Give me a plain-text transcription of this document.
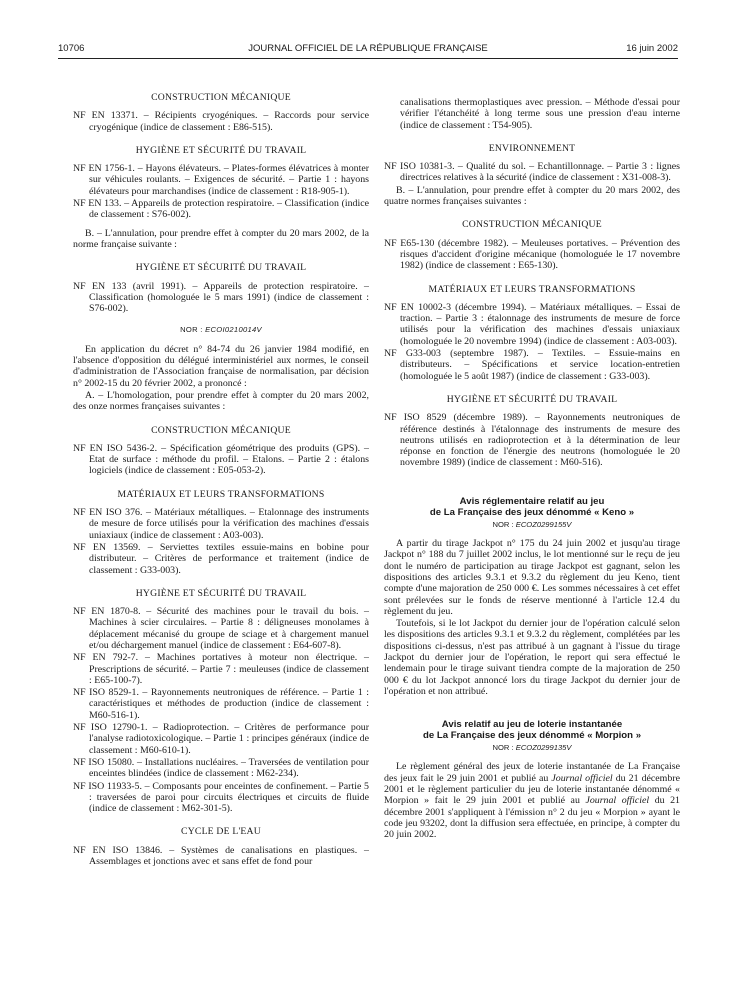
10706	JOURNAL OFFICIEL DE LA RÉPUBLIQUE FRANÇAISE	16 juin 2002
CONSTRUCTION MÉCANIQUE
NF EN 13371. – Récipients cryogéniques. – Raccords pour service cryogénique (indice de classement : E86-515).
HYGIÈNE ET SÉCURITÉ DU TRAVAIL
NF EN 1756-1. – Hayons élévateurs. – Plates-formes élévatrices à monter sur véhicules roulants. – Exigences de sécurité. – Partie 1 : hayons élévateurs pour marchandises (indice de classement : R18-905-1).
NF EN 133. – Appareils de protection respiratoire. – Classification (indice de classement : S76-002).
B. – L'annulation, pour prendre effet à compter du 20 mars 2002, de la norme française suivante :
HYGIÈNE ET SÉCURITÉ DU TRAVAIL
NF EN 133 (avril 1991). – Appareils de protection respiratoire. – Classification (homologuée le 5 mars 1991) (indice de classement : S76-002).
NOR : ECOI0210014V
En application du décret n° 84-74 du 26 janvier 1984 modifié, en l'absence d'opposition du délégué interministériel aux normes, le conseil d'administration de l'Association française de normalisation, par décision n° 2002-15 du 20 février 2002, a prononcé :
A. – L'homologation, pour prendre effet à compter du 20 mars 2002, des onze normes françaises suivantes :
CONSTRUCTION MÉCANIQUE
NF EN ISO 5436-2. – Spécification géométrique des produits (GPS). – Etat de surface : méthode du profil. – Etalons. – Partie 2 : étalons logiciels (indice de classement : E05-053-2).
MATÉRIAUX ET LEURS TRANSFORMATIONS
NF EN ISO 376. – Matériaux métalliques. – Etalonnage des instruments de mesure de force utilisés pour la vérification des machines d'essais uniaxiaux (indice de classement : A03-003).
NF EN 13569. – Serviettes textiles essuie-mains en bobine pour distributeur. – Critères de performance et traitement (indice de classement : G33-003).
HYGIÈNE ET SÉCURITÉ DU TRAVAIL
NF EN 1870-8. – Sécurité des machines pour le travail du bois. – Machines à scier circulaires. – Partie 8 : déligneuses monolames à déplacement mécanisé du groupe de sciage et à chargement manuel et/ou déchargement manuel (indice de classement : E64-607-8).
NF EN 792-7. – Machines portatives à moteur non électrique. – Prescriptions de sécurité. – Partie 7 : meuleuses (indice de classement : E65-100-7).
NF ISO 8529-1. – Rayonnements neutroniques de référence. – Partie 1 : caractéristiques et méthodes de production (indice de classement : M60-516-1).
NF ISO 12790-1. – Radioprotection. – Critères de performance pour l'analyse radiotoxicologique. – Partie 1 : principes généraux (indice de classement : M60-610-1).
NF ISO 15080. – Installations nucléaires. – Traversées de ventilation pour enceintes blindées (indice de classement : M62-234).
NF ISO 11933-5. – Composants pour enceintes de confinement. – Partie 5 : traversées de paroi pour circuits électriques et circuits de fluide (indice de classement : M62-301-5).
CYCLE DE L'EAU
NF EN ISO 13846. – Systèmes de canalisations en plastiques. – Assemblages et jonctions avec et sans effet de fond pour
canalisations thermoplastiques avec pression. – Méthode d'essai pour vérifier l'étanchéité à long terme sous une pression d'eau interne (indice de classement : T54-905).
ENVIRONNEMENT
NF ISO 10381-3. – Qualité du sol. – Echantillonnage. – Partie 3 : lignes directrices relatives à la sécurité (indice de classement : X31-008-3).
B. – L'annulation, pour prendre effet à compter du 20 mars 2002, des quatre normes françaises suivantes :
CONSTRUCTION MÉCANIQUE
NF E65-130 (décembre 1982). – Meuleuses portatives. – Prévention des risques d'accident d'origine mécanique (homologuée le 17 novembre 1982) (indice de classement : E65-130).
MATÉRIAUX ET LEURS TRANSFORMATIONS
NF EN 10002-3 (décembre 1994). – Matériaux métalliques. – Essai de traction. – Partie 3 : étalonnage des instruments de mesure de force utilisés pour la vérification des machines d'essais uniaxiaux (homologuée le 20 novembre 1994) (indice de classement : A03-003).
NF G33-003 (septembre 1987). – Textiles. – Essuie-mains en distributeurs. – Spécifications et service location-entretien (homologuée le 5 août 1987) (indice de classement : G33-003).
HYGIÈNE ET SÉCURITÉ DU TRAVAIL
NF ISO 8529 (décembre 1989). – Rayonnements neutroniques de référence destinés à l'étalonnage des instruments de mesure des neutrons utilisés en radioprotection et à la détermination de leur réponse en fonction de l'énergie des neutrons (homologuée le 20 novembre 1989) (indice de classement : M60-516).
Avis réglementaire relatif au jeu
de La Française des jeux dénommé « Keno »
NOR : ECOZ0299155V
A partir du tirage Jackpot n° 175 du 24 juin 2002 et jusqu'au tirage Jackpot n° 188 du 7 juillet 2002 inclus, le lot mentionné sur le reçu de jeu dont le numéro de participation au tirage Jackpot est gagnant, selon les dispositions des articles 9.3.1 et 9.3.2 du règlement du jeu Keno, tient compte d'une majoration de 250 000 €. Les sommes nécessaires à cet effet sont prélevées sur le fonds de réserve mentionné à l'article 12.4 du règlement du jeu.
Toutefois, si le lot Jackpot du dernier jour de l'opération calculé selon les dispositions des articles 9.3.1 et 9.3.2 du règlement, complétées par les dispositions ci-dessus, n'est pas attribué à un gagnant à l'issue du tirage Jackpot du dernier jour de l'opération, le report qui sera effectué le lendemain pour le tirage suivant tiendra compte de la majoration de 250 000 € du lot Jackpot annoncé lors du tirage Jackpot du dernier jour de l'opération et non attribué.
Avis relatif au jeu de loterie instantanée
de La Française des jeux dénommé « Morpion »
NOR : ECOZ0299135V
Le règlement général des jeux de loterie instantanée de La Française des jeux fait le 29 juin 2001 et publié au Journal officiel du 21 décembre 2001 et le règlement particulier du jeu de loterie instantanée dénommé « Morpion » fait le 29 juin 2001 et publié au Journal officiel du 21 décembre 2001 s'appliquent à l'émission n° 2 du jeu « Morpion » ayant le code jeu 93202, dont la diffusion sera effectuée, en principe, à compter du 20 juin 2002.
